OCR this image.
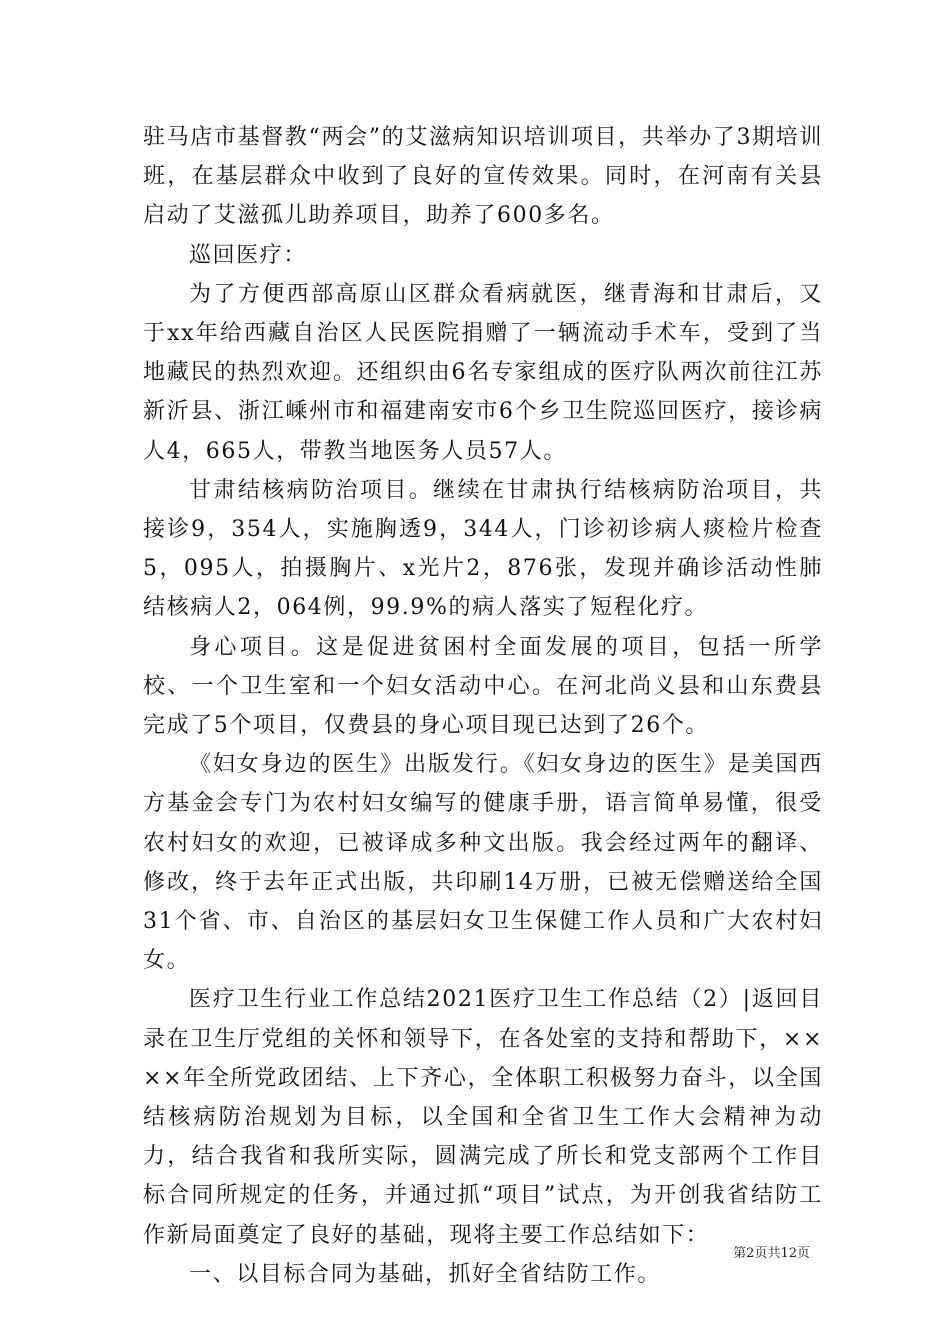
驻马店市基督教“两会”的艾滋病知识培训项目，共举办了3期培训班，在基层群众中收到了良好的宣传效果。同时，在河南有关县启动了艾滋孤儿助养项目，助养了600多名。

巡回医疗：

为了方便西部高原山区群众看病就医，继青海和甘肃后，又于xx年给西藏自治区人民医院捐赠了一辆流动手术车，受到了当地藏民的热烈欢迎。还组织由6名专家组成的医疗队两次前往江苏新沂县、浙江嵊州市和福建南安市6个乡卫生院巡回医疗，接诊病人4，665人，带教当地医务人员57人。

甘肃结核病防治项目。继续在甘肃执行结核病防治项目，共接诊9，354人，实施胸透9，344人，门诊初诊病人痰检片检查5，095人，拍摄胸片、x光片2，876张，发现并确诊活动性肺结核病人2，064例，99.9%的病人落实了短程化疗。

身心项目。这是促进贫困村全面发展的项目，包括一所学校、一个卫生室和一个妇女活动中心。在河北尚义县和山东费县完成了5个项目，仅费县的身心项目现已达到了26个。

《妇女身边的医生》出版发行。《妇女身边的医生》是美国西方基金会专门为农村妇女编写的健康手册，语言简单易懂，很受农村妇女的欢迎，已被译成多种文出版。我会经过两年的翻译、修改，终于去年正式出版，共印刷14万册，已被无偿赠送给全国31个省、市、自治区的基层妇女卫生保健工作人员和广大农村妇女。

医疗卫生行业工作总结2021医疗卫生工作总结（2）|返回目录在卫生厅党组的关怀和领导下，在各处室的支持和帮助下，××××年全所党政团结、上下齐心，全体职工积极努力奋斗，以全国结核病防治规划为目标，以全国和全省卫生工作大会精神为动力，结合我省和我所实际，圆满完成了所长和党支部两个工作目标合同所规定的任务，并通过抓“项目”试点，为开创我省结防工作新局面奠定了良好的基础，现将主要工作总结如下：

一、以目标合同为基础，抓好全省结防工作。

第2页共12页
